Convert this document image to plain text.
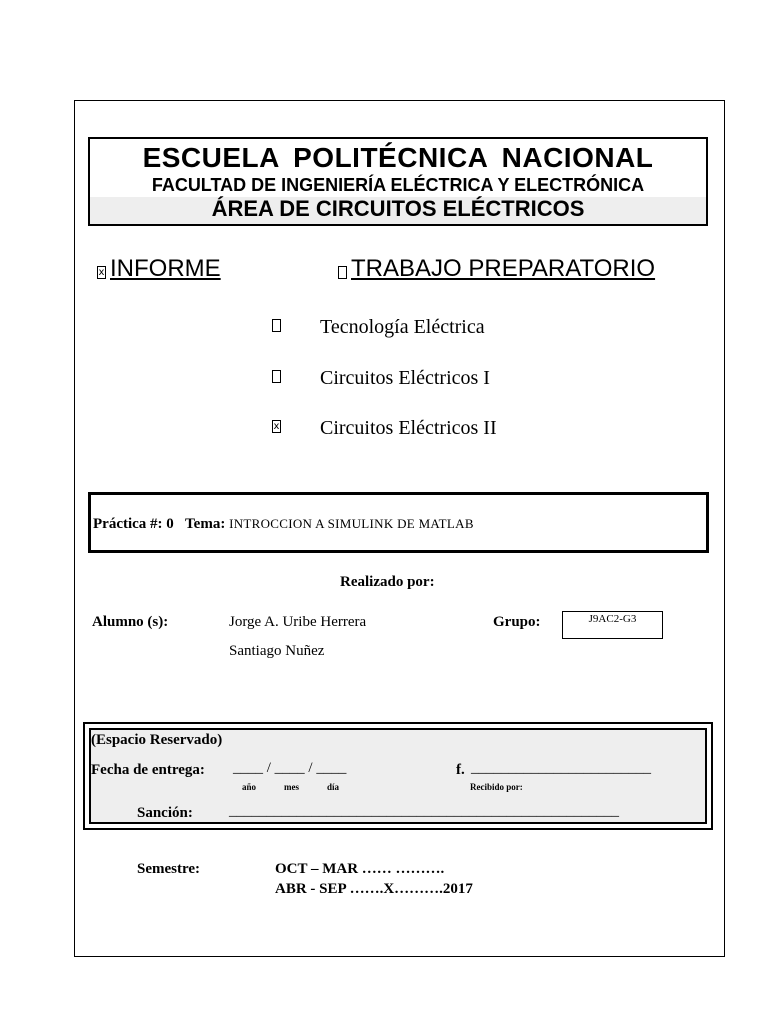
ESCUELA POLITÉCNICA NACIONAL
FACULTAD DE INGENIERÍA ELÉCTRICA Y ELECTRÓNICA
ÁREA DE CIRCUITOS ELÉCTRICOS
x INFORME	TRABAJO PREPARATORIO
Tecnología Eléctrica
Circuitos Eléctricos I
x Circuitos Eléctricos II
Práctica #: 0 Tema: INTROCCION A SIMULINK DE MATLAB
Realizado por:
Alumno (s):	Jorge A. Uribe Herrera
Santiago Nuñez
Grupo:	J9AC2-G3
(Espacio Reservado)
Fecha de entrega: ____ / ____ / ____
año	mes	día
f. ________________________
Recibido por:
Sanción: ____________________________________________________
Semestre:	OCT – MAR …… ……….
ABR - SEP …….X……….2017
